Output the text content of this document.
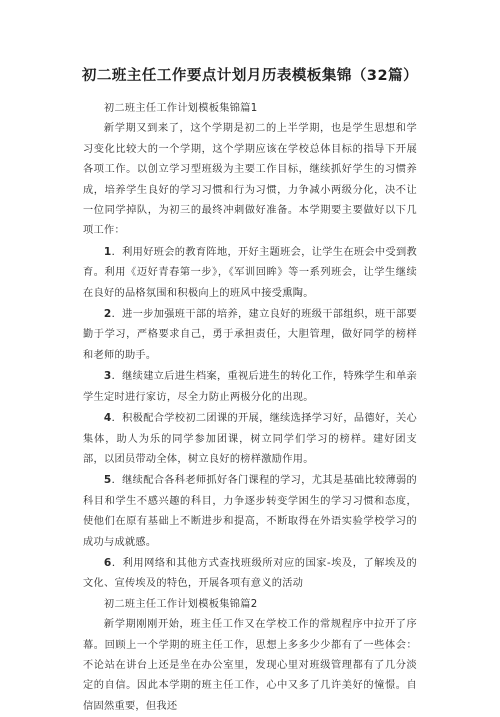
初二班主任工作要点计划月历表模板集锦（32篇）

初二班主任工作计划模板集锦篇1

新学期又到来了，这个学期是初二的上半学期，也是学生思想和学习变化比较大的一个学期，这个学期应该在学校总体目标的指导下开展各项工作。以创立学习型班级为主要工作目标，继续抓好学生的习惯养成，培养学生良好的学习习惯和行为习惯，力争减小两级分化，决不让一位同学掉队，为初三的最终冲刺做好准备。本学期要主要做好以下几项工作：

1．利用好班会的教育阵地，开好主题班会，让学生在班会中受到教育。利用《迈好青春第一步》，《军训回眸》等一系列班会，让学生继续在良好的品格氛围和积极向上的班风中接受熏陶。

2．进一步加强班干部的培养，建立良好的班级干部组织，班干部要勤于学习，严格要求自己，勇于承担责任，大胆管理，做好同学的榜样和老师的助手。

3．继续建立后进生档案，重视后进生的转化工作，特殊学生和单亲学生定时进行家访，尽全力防止两极分化的出现。

4．积极配合学校初二团课的开展，继续选择学习好，品德好，关心集体，助人为乐的同学参加团课，树立同学们学习的榜样。建好团支部，以团员带动全体，树立良好的榜样激励作用。

5．继续配合各科老师抓好各门课程的学习，尤其是基础比较薄弱的科目和学生不感兴趣的科目，力争逐步转变学困生的学习习惯和态度，使他们在原有基础上不断进步和提高，不断取得在外语实验学校学习的成功与成就感。

6．利用网络和其他方式查找班级所对应的国家-埃及，了解埃及的文化、宣传埃及的特色，开展各项有意义的活动

初二班主任工作计划模板集锦篇2

新学期刚刚开始，班主任工作又在学校工作的常规程序中拉开了序幕。回顾上一个学期的班主任工作，思想上多多少少都有了一些体会：不论站在讲台上还是坐在办公室里，发现心里对班级管理都有了几分淡定的自信。因此本学期的班主任工作，心中又多了几许美好的憧憬。自信固然重要，但我还
